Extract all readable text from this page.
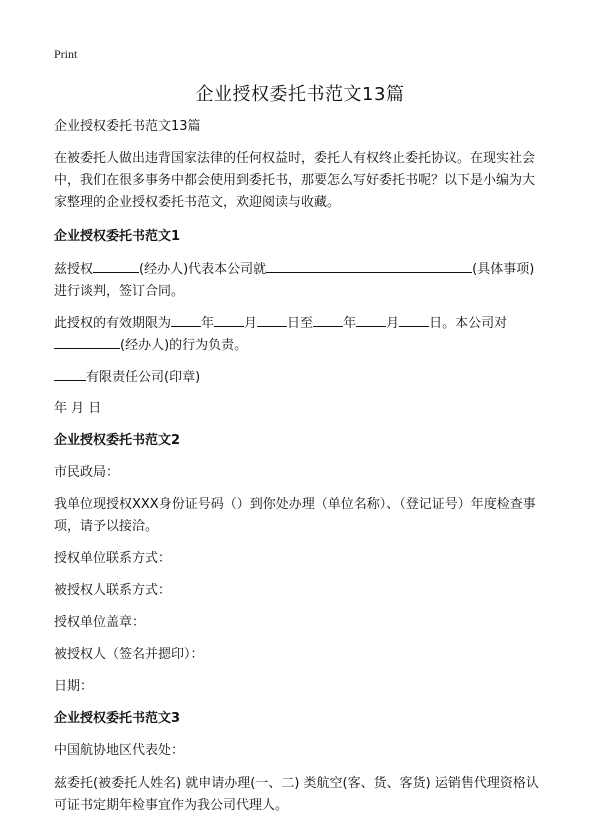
Print
企业授权委托书范文13篇

企业授权委托书范文13篇

在被委托人做出违背国家法律的任何权益时，委托人有权终止委托协议。在现实社会中，我们在很多事务中都会使用到委托书，那要怎么写好委托书呢？以下是小编为大家整理的企业授权委托书范文，欢迎阅读与收藏。

企业授权委托书范文1

兹授权	(经办人)代表本公司就	(具体事项)进行谈判，签订合同。

此授权的有效期限为 年 月 日至 年 月 日。本公司对
(经办人)的行为负责。

有限责任公司(印章)

年 月 日

企业授权委托书范文2

市民政局：

我单位现授权XXX身份证号码（）到你处办理（单位名称）、（登记证号）年度检查事项，请予以接洽。

授权单位联系方式：

被授权人联系方式：

授权单位盖章：

被授权人（签名并摁印）：

日期：

企业授权委托书范文3

中国航协地区代表处：

兹委托(被委托人姓名) 就申请办理(一、二) 类航空(客、货、客货) 运销售代理资格认可证书定期年检事宜作为我公司代理人。
